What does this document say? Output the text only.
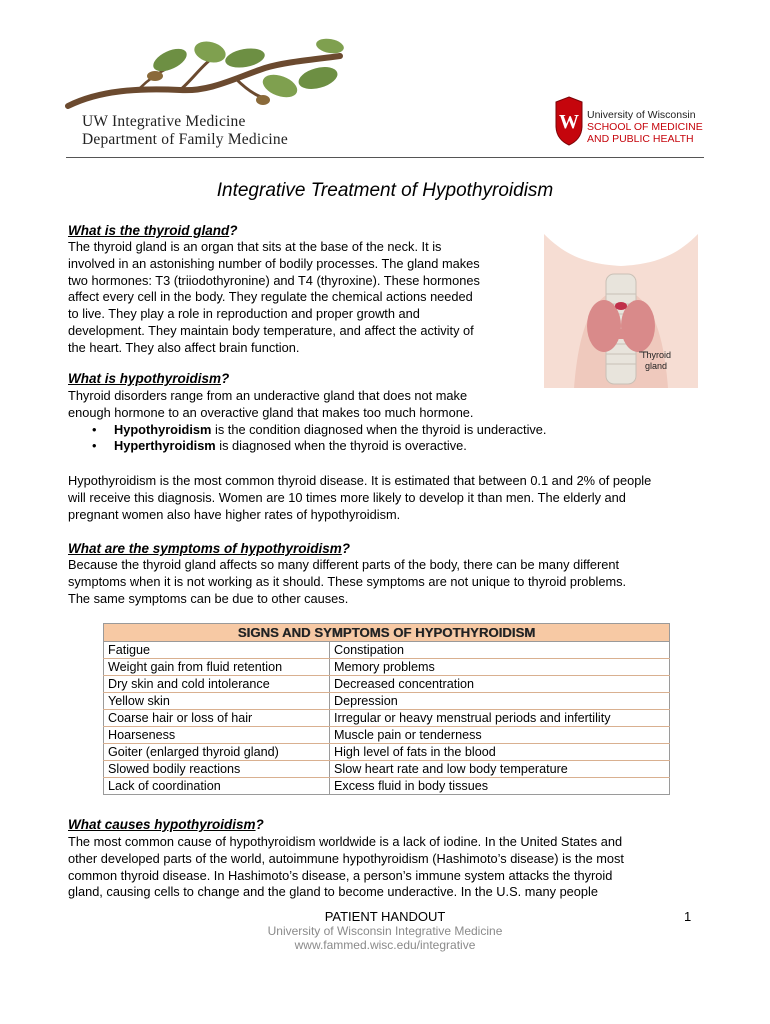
UW Integrative Medicine
Department of Family Medicine
W University of Wisconsin
SCHOOL OF MEDICINE
AND PUBLIC HEALTH
Integrative Treatment of Hypothyroidism
What is the thyroid gland?
The thyroid gland is an organ that sits at the base of the neck. It is
involved in an astonishing number of bodily processes. The gland makes
two hormones: T3 (triiodothyronine) and T4 (thyroxine). These hormones
affect every cell in the body. They regulate the chemical actions needed
to live. They play a role in reproduction and proper growth and
development. They maintain body temperature, and affect the activity of
the heart. They also affect brain function.
Thyroid
gland
What is hypothyroidism?
Thyroid disorders range from an underactive gland that does not make
enough hormone to an overactive gland that makes too much hormone.
• Hypothyroidism is the condition diagnosed when the thyroid is underactive.
• Hyperthyroidism is diagnosed when the thyroid is overactive.
Hypothyroidism is the most common thyroid disease. It is estimated that between 0.1 and 2% of people
will receive this diagnosis. Women are 10 times more likely to develop it than men. The elderly and
pregnant women also have higher rates of hypothyroidism.
What are the symptoms of hypothyroidism?
Because the thyroid gland affects so many different parts of the body, there can be many different
symptoms when it is not working as it should. These symptoms are not unique to thyroid problems.
The same symptoms can be due to other causes.
SIGNS AND SYMPTOMS OF HYPOTHYROIDISM	
Fatigue	Constipation
Weight gain from fluid retention	Memory problems
Dry skin and cold intolerance	Decreased concentration
Yellow skin	Depression
Coarse hair or loss of hair	Irregular or heavy menstrual periods and infertility
Hoarseness	Muscle pain or tenderness
Goiter (enlarged thyroid gland)	High level of fats in the blood
Slowed bodily reactions	Slow heart rate and low body temperature
Lack of coordination	Excess fluid in body tissues
What causes hypothyroidism?
The most common cause of hypothyroidism worldwide is a lack of iodine. In the United States and
other developed parts of the world, autoimmune hypothyroidism (Hashimoto’s disease) is the most
common thyroid disease. In Hashimoto’s disease, a person’s immune system attacks the thyroid
gland, causing cells to change and the gland to become underactive. In the U.S. many people
PATIENT HANDOUT	1
University of Wisconsin Integrative Medicine
www.fammed.wisc.edu/integrative
